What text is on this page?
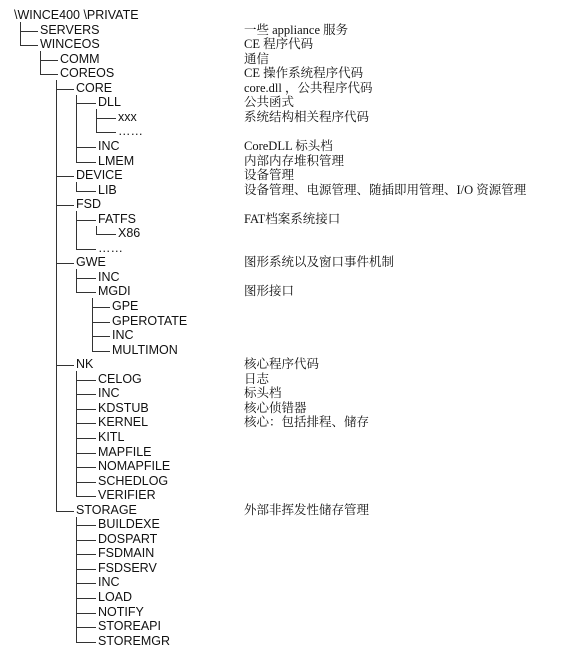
\WINCE400 \PRIVATE
SERVERS	一些 appliance 服务
WINCEOS	CE 程序代码
COMM	通信
COREOS	CE 操作系统程序代码
CORE	core.dll ，公共程序代码
DLL	公共函式
xxx	系统结构相关程序代码
……
INC	CoreDLL 标头档
LMEM	内部内存堆积管理
DEVICE	设备管理
LIB	设备管理、电源管理、随插即用管理、I/O 资源管理
FSD
FATFS	FAT档案系统接口
X86
……
GWE	图形系统以及窗口事件机制
INC
MGDI	图形接口
GPE
GPEROTATE
INC
MULTIMON
NK	核心程序代码
CELOG	日志
INC	标头档
KDSTUB	核心侦错器
KERNEL	核心：包括排程、储存
KITL
MAPFILE
NOMAPFILE
SCHEDLOG
VERIFIER
STORAGE	外部非挥发性储存管理
BUILDEXE
DOSPART
FSDMAIN
FSDSERV
INC
LOAD
NOTIFY
STOREAPI
STOREMGR
